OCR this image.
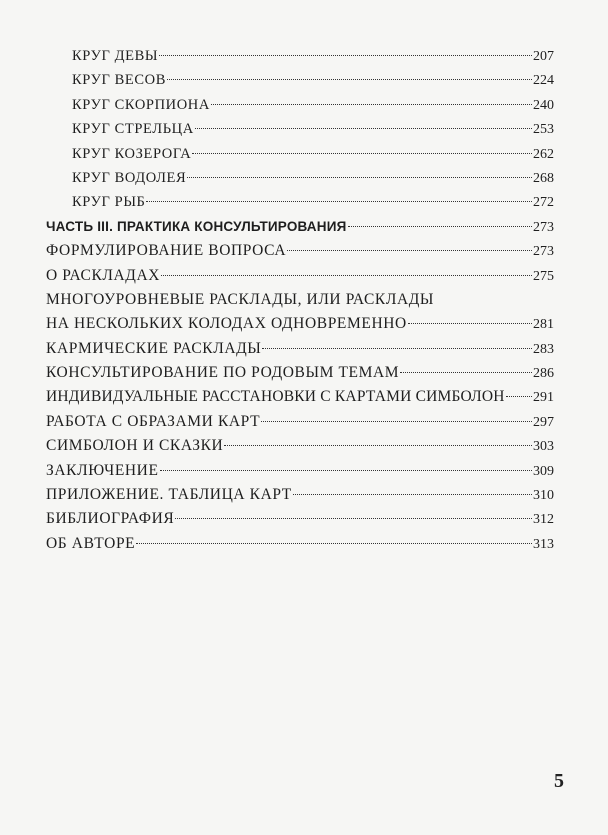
КРУГ ДЕВЫ	207
КРУГ ВЕСОВ	224
КРУГ СКОРПИОНА	240
КРУГ СТРЕЛЬЦА	253
КРУГ КОЗЕРОГА	262
КРУГ ВОДОЛЕЯ	268
КРУГ РЫБ	272
ЧАСТЬ III. ПРАКТИКА КОНСУЛЬТИРОВАНИЯ	273
ФОРМУЛИРОВАНИЕ ВОПРОСА	273
О РАСКЛАДАХ	275
МНОГОУРОВНЕВЫЕ РАСКЛАДЫ, ИЛИ РАСКЛАДЫ
НА НЕСКОЛЬКИХ КОЛОДАХ ОДНОВРЕМЕННО	281
КАРМИЧЕСКИЕ РАСКЛАДЫ	283
КОНСУЛЬТИРОВАНИЕ ПО РОДОВЫМ ТЕМАМ	286
ИНДИВИДУАЛЬНЫЕ РАССТАНОВКИ С КАРТАМИ СИМБОЛОН 291
РАБОТА С ОБРАЗАМИ КАРТ	297
СИМБОЛОН И СКАЗКИ	303
ЗАКЛЮЧЕНИЕ	309
ПРИЛОЖЕНИЕ. ТАБЛИЦА КАРТ	310
БИБЛИОГРАФИЯ	312
ОБ АВТОРЕ	313
5
